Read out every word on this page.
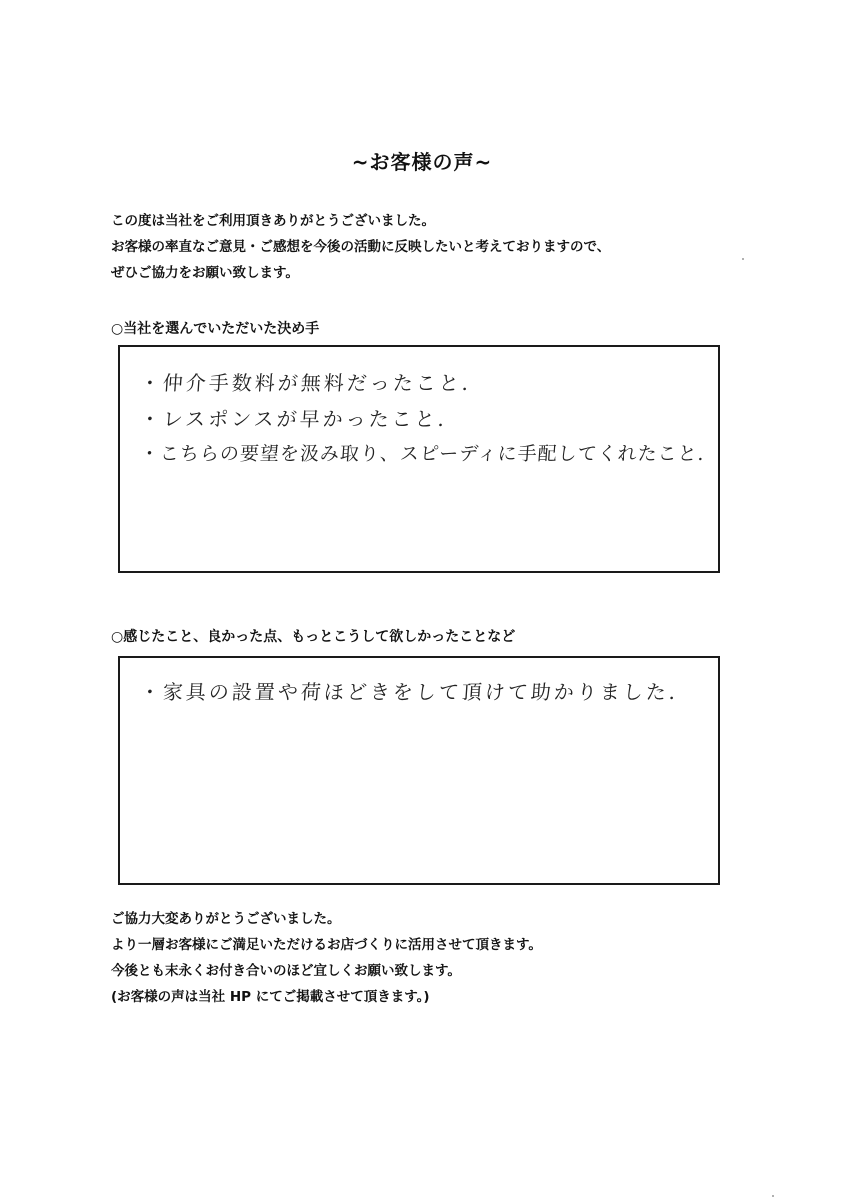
~お客様の声~
この度は当社をご利用頂きありがとうございました。
お客様の率直なご意見・ご感想を今後の活動に反映したいと考えておりますので、
ぜひご協力をお願い致します。
○当社を選んでいただいた決め手
・仲介手数料が無料だったこと.
・レスポンスが早かったこと.
・こちらの要望を汲み取り、スピーディに手配してくれたこと.
○感じたこと、良かった点、もっとこうして欲しかったことなど
・家具の設置や荷ほどきをして頂けて助かりました.
ご協力大変ありがとうございました。
より一層お客様にご満足いただけるお店づくりに活用させて頂きます。
今後とも末永くお付き合いのほど宜しくお願い致します。
(お客様の声は当社 HP にてご掲載させて頂きます。)
